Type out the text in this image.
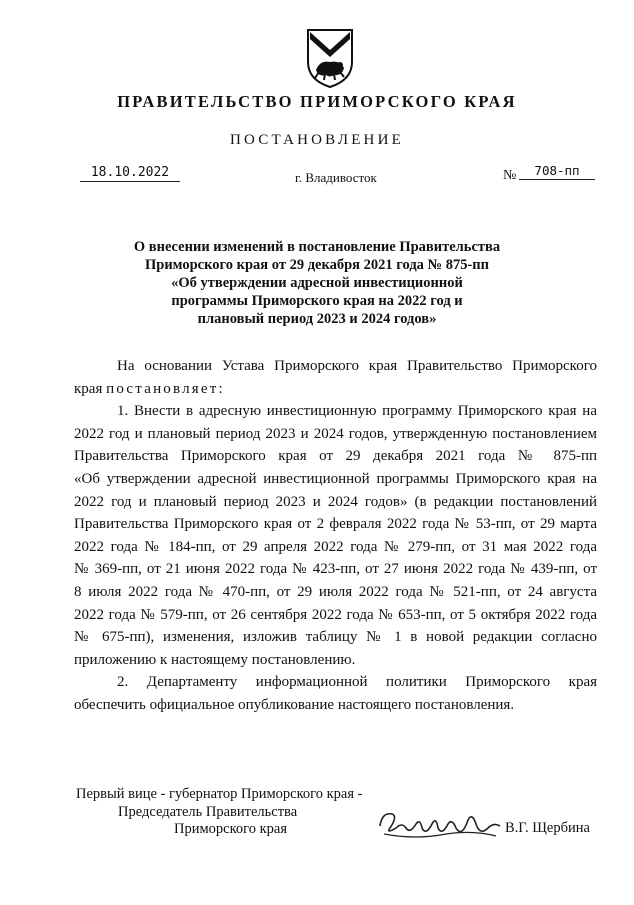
ПРАВИТЕЛЬСТВО ПРИМОРСКОГО КРАЯ
ПОСТАНОВЛЕНИЕ
18.10.2022	г. Владивосток	№	708-пп
О внесении изменений в постановление Правительства
Приморского края от 29 декабря 2021 года № 875-пп
«Об утверждении адресной инвестиционной
программы Приморского края на 2022 год и
плановый период 2023 и 2024 годов»
На основании Устава Приморского края Правительство Приморского
края постановляет:
1. Внести в адресную инвестиционную программу Приморского края на
2022 год и плановый период 2023 и 2024 годов, утвержденную постановлением
Правительства Приморского края от 29 декабря 2021 года № 875-пп
«Об утверждении адресной инвестиционной программы Приморского края на
2022 год и плановый период 2023 и 2024 годов» (в редакции постановлений
Правительства Приморского края от 2 февраля 2022 года № 53-пп, от 29 марта
2022 года № 184-пп, от 29 апреля 2022 года № 279-пп, от 31 мая 2022 года
№ 369-пп, от 21 июня 2022 года № 423-пп, от 27 июня 2022 года № 439-пп, от
8 июля 2022 года № 470-пп, от 29 июля 2022 года № 521-пп, от 24 августа
2022 года № 579-пп, от 26 сентября 2022 года № 653-пп, от 5 октября 2022 года
№ 675-пп), изменения, изложив таблицу № 1 в новой редакции согласно
приложению к настоящему постановлению.
2. Департаменту информационной политики Приморского края
обеспечить официальное опубликование настоящего постановления.
Первый вице - губернатор Приморского края -
Председатель Правительства
Приморского края	В.Г. Щербина
